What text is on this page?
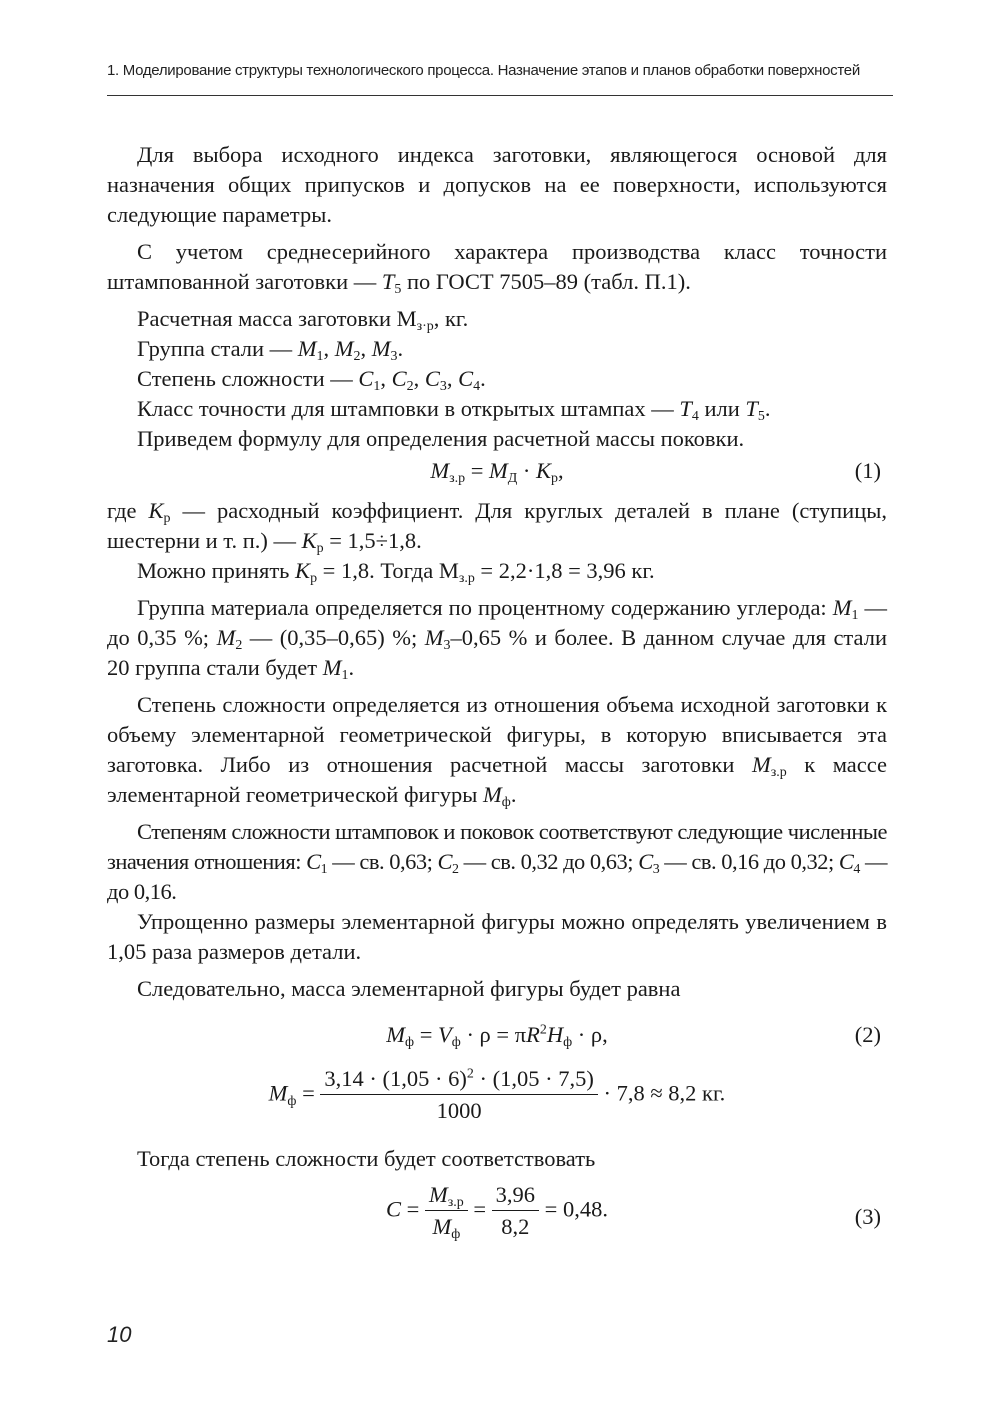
1. Моделирование структуры технологического процесса. Назначение этапов и планов обработки поверхностей

Для выбора исходного индекса заготовки, являющегося основой для назначения общих припусков и допусков на ее поверхности, используются следующие параметры.

С учетом среднесерийного характера производства класс точности штампованной заготовки — $T_5$ по ГОСТ 7505–89 (табл. П.1).

Расчетная масса заготовки $М_{з\cdot р}$, кг.

Группа стали — $M_1$, $M_2$, $M_3$.

Степень сложности — $C_1$, $C_2$, $C_3$, $C_4$.

Класс точности для штамповки в открытых штампах — $T_4$ или $T_5$.

Приведем формулу для определения расчетной массы поковки.

$M_{з.р} = M_Д \cdot K_р$,	(1)

где $K_р$ — расходный коэффициент. Для круглых деталей в плане (ступицы, шестерни и т. п.) — $K_р = 1,5\div 1,8$.

Можно принять $K_р = 1,8$. Тогда $М_{з.р} = 2,2\cdot 1,8 = 3,96$ кг.

Группа материала определяется по процентному содержанию углерода: $M_1$ — до 0,35 %; $M_2$ — (0,35–0,65) %; $M_3-0,65$ % и более. В данном случае для стали 20 группа стали будет $M_1$.

Степень сложности определяется из отношения объема исходной заготовки к объему элементарной геометрической фигуры, в которую вписывается эта заготовка. Либо из отношения расчетной массы заготовки $M_{з.р}$ к массе элементарной геометрической фигуры $M_ф$.

Степеням сложности штамповок и поковок соответствуют следующие численные значения отношения: $C_1$ — св. 0,63; $C_2$ — св. 0,32 до 0,63; $C_3$ — св. 0,16 до 0,32; $C_4$ — до 0,16.

Упрощенно размеры элементарной фигуры можно определять увеличением в 1,05 раза размеров детали.

Следовательно, масса элементарной фигуры будет равна

$M_ф = V_ф \cdot \rho = \pi R^2H_ф \cdot \rho$,	(2)
$M_ф = \frac{3,14 \cdot (1,05 \cdot 6)^2 \cdot (1,05 \cdot 7,5)}{1000} \cdot 7,8 \approx 8,2$ кг.

Тогда степень сложности будет соответствовать

$C = \frac{M_{з.р}}{M_ф} = \frac{3,96}{8,2} = 0,48$.	(3)
10
